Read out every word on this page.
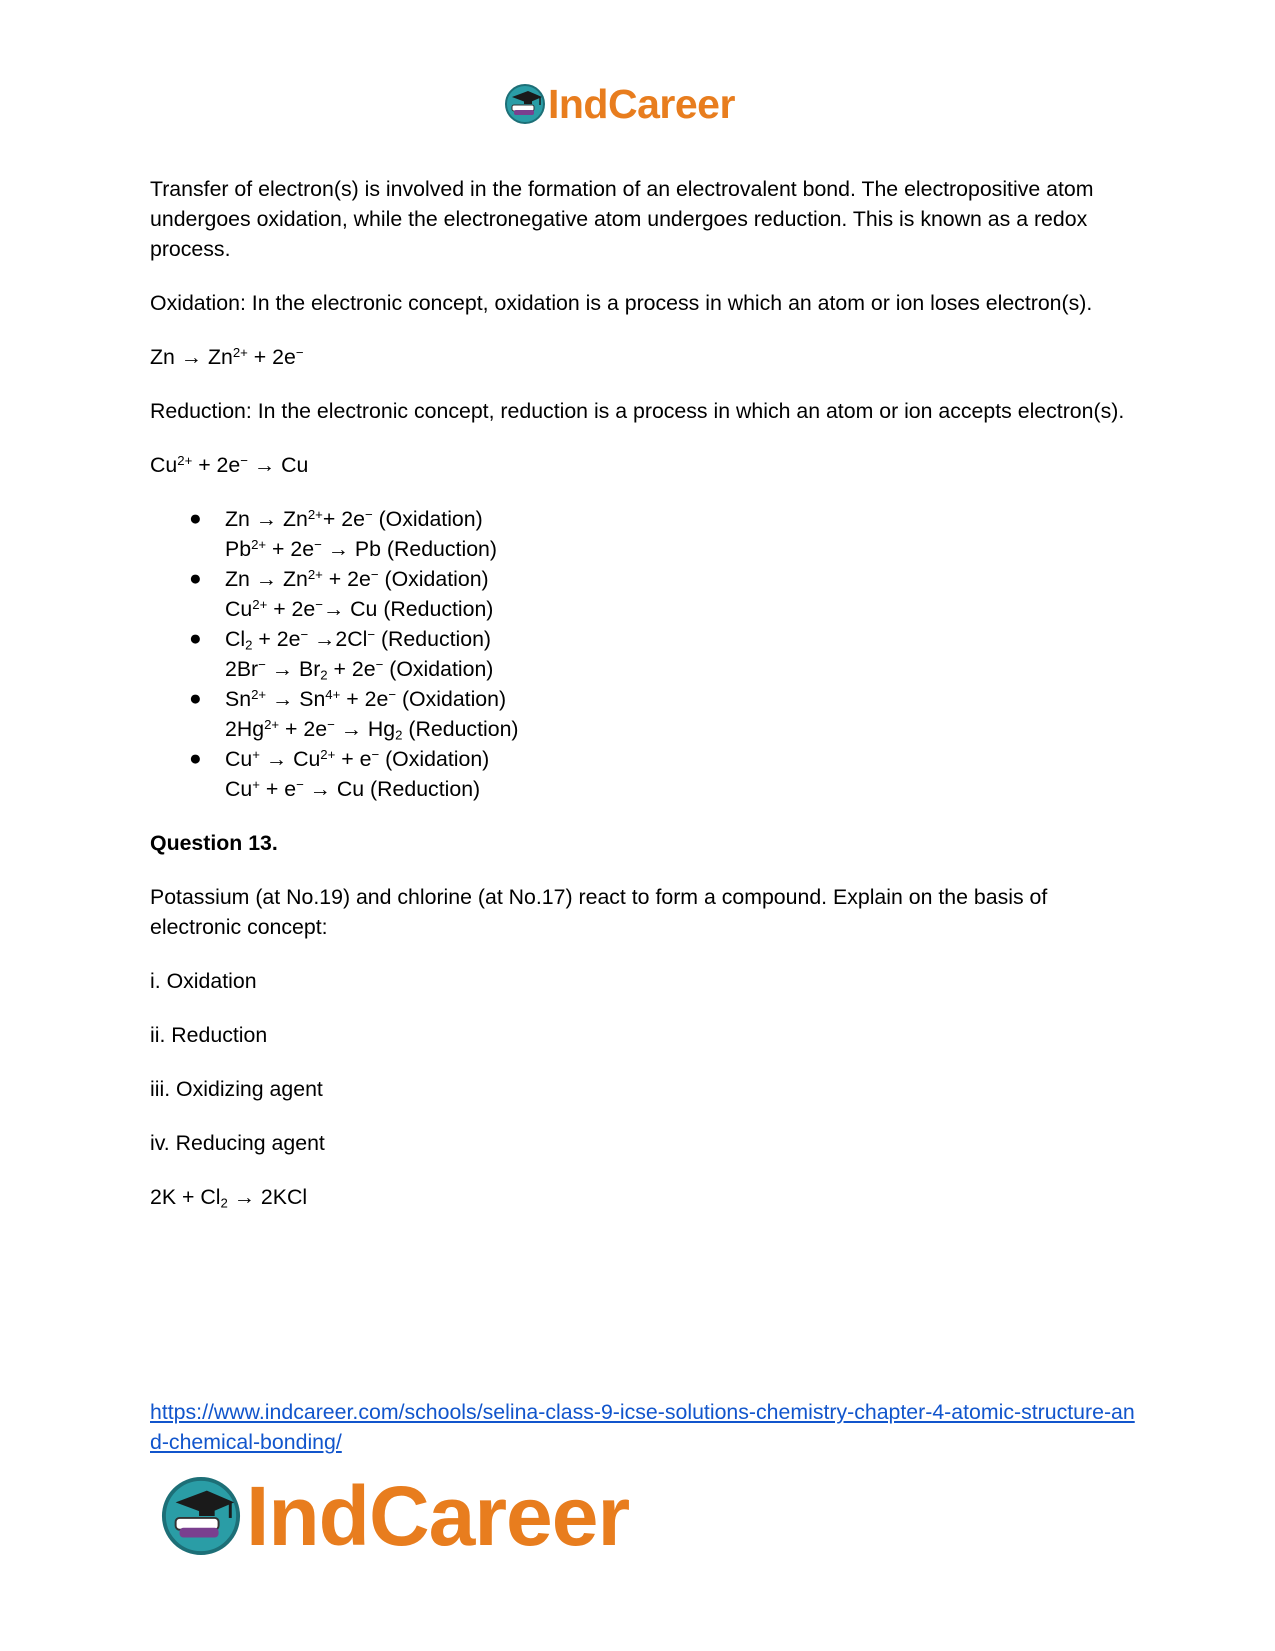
IndCareer

Transfer of electron(s) is involved in the formation of an electrovalent bond. The electropositive atom undergoes oxidation, while the electronegative atom undergoes reduction. This is known as a redox process.

Oxidation: In the electronic concept, oxidation is a process in which an atom or ion loses electron(s).

$Zn \to Zn^{2+} + 2e^-$

Reduction: In the electronic concept, reduction is a process in which an atom or ion accepts electron(s).

$Cu^{2+} + 2e^- \to Cu$
● $Zn \to Zn^{2+}+ 2e^-$ (Oxidation)
$Pb^{2+} + 2e^- \to Pb$ (Reduction)
● $Zn \to Zn^{2+} + 2e^-$ (Oxidation)
$Cu^{2+} + 2e^-\to Cu$ (Reduction)
● $Cl_2 + 2e^- \to 2Cl^-$ (Reduction)
$2Br^- \to Br_2 + 2e^-$ (Oxidation)
● $Sn^{2+} \to Sn^{4+} + 2e^-$ (Oxidation)
$2Hg^{2+} + 2e^- \to Hg_2$ (Reduction)
● $Cu^+ \to Cu^{2+} + e^-$ (Oxidation)
Cu+ + e− → Cu (Reduction)

Question 13.

Potassium (at No.19) and chlorine (at No.17) react to form a compound. Explain on the basis of electronic concept:

i. Oxidation

ii. Reduction

iii. Oxidizing agent

iv. Reducing agent

$2K + Cl_2 \to 2KCl$
https://www.indcareer.com/schools/selina-class-9-icse-solutions-chemistry-chapter-4-atomic-structure-and-chemical-bonding/
IndCareer
